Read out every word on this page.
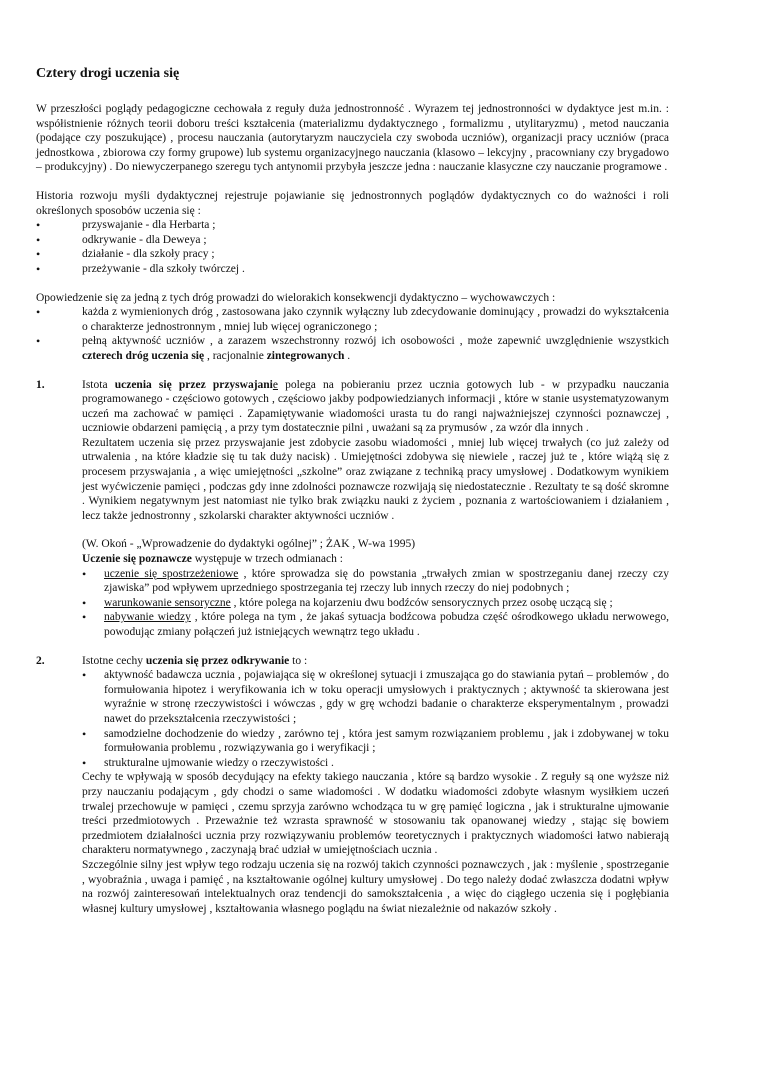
Cztery drogi uczenia się

W przeszłości poglądy pedagogiczne cechowała z reguły duża jednostronność . Wyrazem tej jednostronności w dydaktyce jest m.in. : współistnienie różnych teorii doboru treści kształcenia (materializmu dydaktycznego , formalizmu , utylitaryzmu) , metod nauczania (podające czy poszukujące) , procesu nauczania (autorytaryzm nauczyciela czy swoboda uczniów), organizacji pracy uczniów (praca jednostkowa , zbiorowa czy formy grupowe) lub systemu organizacyjnego nauczania (klasowo – lekcyjny , pracowniany czy brygadowo – produkcyjny) . Do niewyczerpanego szeregu tych antynomii przybyła jeszcze jedna : nauczanie klasyczne czy nauczanie programowe .

Historia rozwoju myśli dydaktycznej rejestruje pojawianie się jednostronnych poglądów dydaktycznych co do ważności i roli określonych sposobów uczenia się :

• przyswajanie - dla Herbarta ;
• odkrywanie - dla Deweya ;
• działanie - dla szkoły pracy ;
• przeżywanie - dla szkoły twórczej .

Opowiedzenie się za jedną z tych dróg prowadzi do wielorakich konsekwencji dydaktyczno – wychowawczych :

• każda z wymienionych dróg , zastosowana jako czynnik wyłączny lub zdecydowanie dominujący , prowadzi do wykształcenia o charakterze jednostronnym , mniej lub więcej ograniczonego ;
• pełną aktywność uczniów , a zarazem wszechstronny rozwój ich osobowości , może zapewnić uwzględnienie wszystkich czterech dróg uczenia się , racjonalnie zintegrowanych .
1.	Istota uczenia się przez przyswajanie polega na pobieraniu przez ucznia gotowych lub - w przypadku nauczania programowanego - częściowo gotowych , częściowo jakby podpowiedzianych informacji , które w stanie usystematyzowanym uczeń ma zachować w pamięci . Zapamiętywanie wiadomości urasta tu do rangi najważniejszej czynności poznawczej , uczniowie obdarzeni pamięcią , a przy tym dostatecznie pilni , uważani są za prymusów , za wzór dla innych .

Rezultatem uczenia się przez przyswajanie jest zdobycie zasobu wiadomości , mniej lub więcej trwałych (co już zależy od utrwalenia , na które kładzie się tu tak duży nacisk) . Umiejętności zdobywa się niewiele , raczej już te , które wiążą się z procesem przyswajania , a więc umiejętności „szkolne” oraz związane z techniką pracy umysłowej . Dodatkowym wynikiem jest wyćwiczenie pamięci , podczas gdy inne zdolności poznawcze rozwijają się niedostatecznie . Rezultaty te są dość skromne . Wynikiem negatywnym jest natomiast nie tylko brak związku nauki z życiem , poznania z wartościowaniem i działaniem , lecz także jednostronny , szkolarski charakter aktywności uczniów .

(W. Okoń - „Wprowadzenie do dydaktyki ogólnej” ; ŻAK , W-wa 1995)

Uczenie się poznawcze występuje w trzech odmianach :

• uczenie się spostrzeżeniowe , które sprowadza się do powstania „trwałych zmian w spostrzeganiu danej rzeczy czy zjawiska” pod wpływem uprzedniego spostrzegania tej rzeczy lub innych rzeczy do niej podobnych ;
• warunkowanie sensoryczne , które polega na kojarzeniu dwu bodźców sensorycznych przez osobę uczącą się ;
• nabywanie wiedzy , które polega na tym , że jakaś sytuacja bodźcowa pobudza część ośrodkowego układu nerwowego, powodując zmiany połączeń już istniejących wewnątrz tego układu .
2.	Istotne cechy uczenia się przez odkrywanie to :

• aktywność badawcza ucznia , pojawiająca się w określonej sytuacji i zmuszająca go do stawiania pytań – problemów , do formułowania hipotez i weryfikowania ich w toku operacji umysłowych i praktycznych ; aktywność ta skierowana jest wyraźnie w stronę rzeczywistości i wówczas , gdy w grę wchodzi badanie o charakterze eksperymentalnym , prowadzi nawet do przekształcenia rzeczywistości ;
• samodzielne dochodzenie do wiedzy , zarówno tej , która jest samym rozwiązaniem problemu , jak i zdobywanej w toku formułowania problemu , rozwiązywania go i weryfikacji ;
• strukturalne ujmowanie wiedzy o rzeczywistości .

Cechy te wpływają w sposób decydujący na efekty takiego nauczania , które są bardzo wysokie . Z reguły są one wyższe niż przy nauczaniu podającym , gdy chodzi o same wiadomości . W dodatku wiadomości zdobyte własnym wysiłkiem uczeń trwalej przechowuje w pamięci , czemu sprzyja zarówno wchodząca tu w grę pamięć logiczna , jak i strukturalne ujmowanie treści przedmiotowych . Przeważnie też wzrasta sprawność w stosowaniu tak opanowanej wiedzy , stając się bowiem przedmiotem działalności ucznia przy rozwiązywaniu problemów teoretycznych i praktycznych wiadomości łatwo nabierają charakteru normatywnego , zaczynają brać udział w umiejętnościach ucznia .

Szczególnie silny jest wpływ tego rodzaju uczenia się na rozwój takich czynności poznawczych , jak : myślenie , spostrzeganie , wyobraźnia , uwaga i pamięć , na kształtowanie ogólnej kultury umysłowej . Do tego należy dodać zwłaszcza dodatni wpływ na rozwój zainteresowań intelektualnych oraz tendencji do samokształcenia , a więc do ciągłego uczenia się i pogłębiania własnej kultury umysłowej , kształtowania własnego poglądu na świat niezależnie od nakazów szkoły .
